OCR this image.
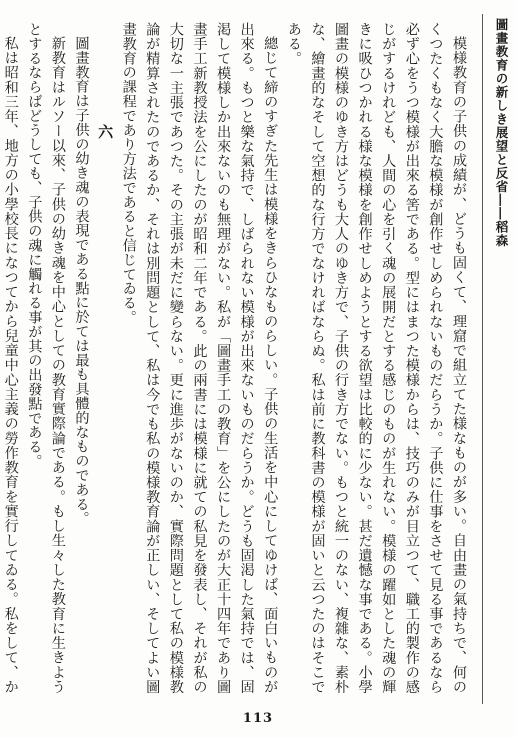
圖畫教育の新しき展望と反省――稻森

模様教育の子供の成績が、どうも固くて、理窟で組立てた様なものが多い。自由畫の氣持ちで、何のくつたくもなく大膽な模様が創作せしめられないものだらうか。子供に仕事をさせて見る事であるなら必ず心をうつ模様が出來る筈である。型にはまつた模様からは、技巧のみが目立つて、職工的製作の感じがするけれども、人間の心を引く魂の展開だとする感じのものが生れない。模様の躍如とした魂の輝きに吸ひつかれる様な模様を創作せしめようとする欲望は比較的に少ない。甚だ遺憾な事である。小學圖畫の模様のゆき方はどうも大人のゆき方で、子供の行き方でない。もつと統一のない、複雜な、素朴な、繪畫的なそして空想的な行方でなければならぬ。私は前に教科書の模様が固いと云つたのはそこである。

總じて締のすぎた先生は模様をきらひなものらしい。子供の生活を中心にしてゆけば、面白いものが出來る。もつと樂な氣持で、しばられない模様が出來ないものだらうか。どうも固渇した氣持では、固渇して模様しか出來ないのも無理がない。私が「圖畫手工の教育」を公にしたのが大正十四年であり圖畫手工新教授法を公にしたのが昭和二年である。此の兩書には模様に就ての私見を發表し、それが私の大切な一主張であつた。その主張が未だに變らない。更に進歩がないのか、實際問題として私の模様教論が精算されたのであるか、それは別問題として、私は今でも私の模様教育論が正しい、そしてよい圖畫教育の課程であり方法であると信じてゐる。

六

圖畫教育は子供の幼き魂の表現である點に於ては最も具體的なものである。

新教育はルソー以來、子供の幼き魂を中心としての教育實際論である。もし生々した教育に生きようとするならばどうしても、子供の魂に觸れる事が其の出發點である。

私は昭和三年、地方の小學校長になつてから兒童中心主義の勞作教育を實行してゐる。私をして、か

113
